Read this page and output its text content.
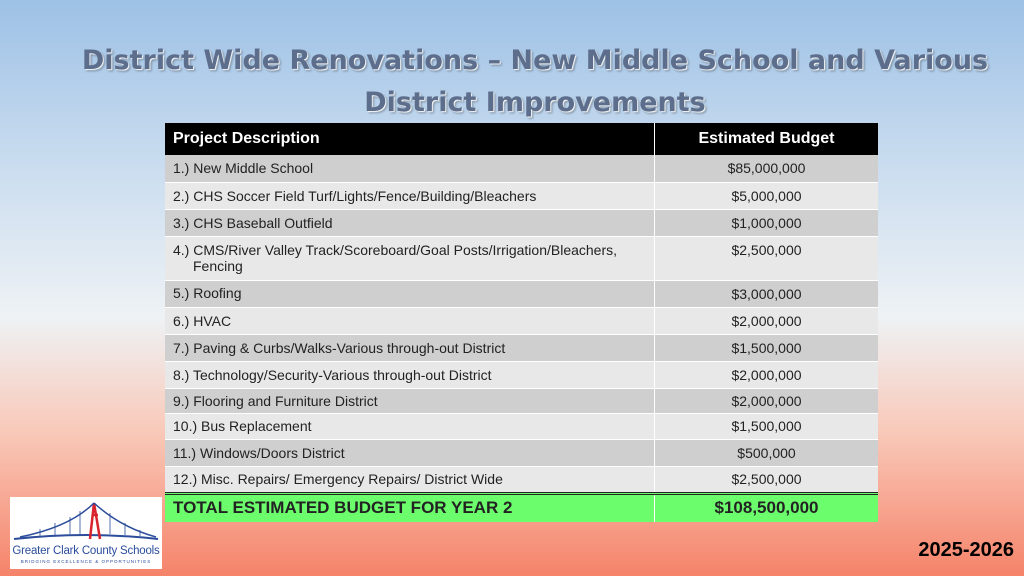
District Wide Renovations – New Middle School and Various District Improvements
Project Description	Estimated Budget
1.) New Middle School	$85,000,000
2.) CHS Soccer Field Turf/Lights/Fence/Building/Bleachers	$5,000,000
3.) CHS Baseball Outfield	$1,000,000
4.) CMS/River Valley Track/Scoreboard/Goal Posts/Irrigation/Bleachers,
Fencing	$2,500,000
5.) Roofing	$3,000,000
6.) HVAC	$2,000,000
7.) Paving & Curbs/Walks-Various through-out District	$1,500,000
8.) Technology/Security-Various through-out District	$2,000,000
9.) Flooring and Furniture District	$2,000,000
10.) Bus Replacement	$1,500,000
11.) Windows/Doors District	$500,000
12.) Misc. Repairs/ Emergency Repairs/ District Wide	$2,500,000
TOTAL ESTIMATED BUDGET FOR YEAR 2	$108,500,000
Greater Clark County Schools
BRIDGING EXCELLENCE & OPPORTUNITIES
2025-2026
